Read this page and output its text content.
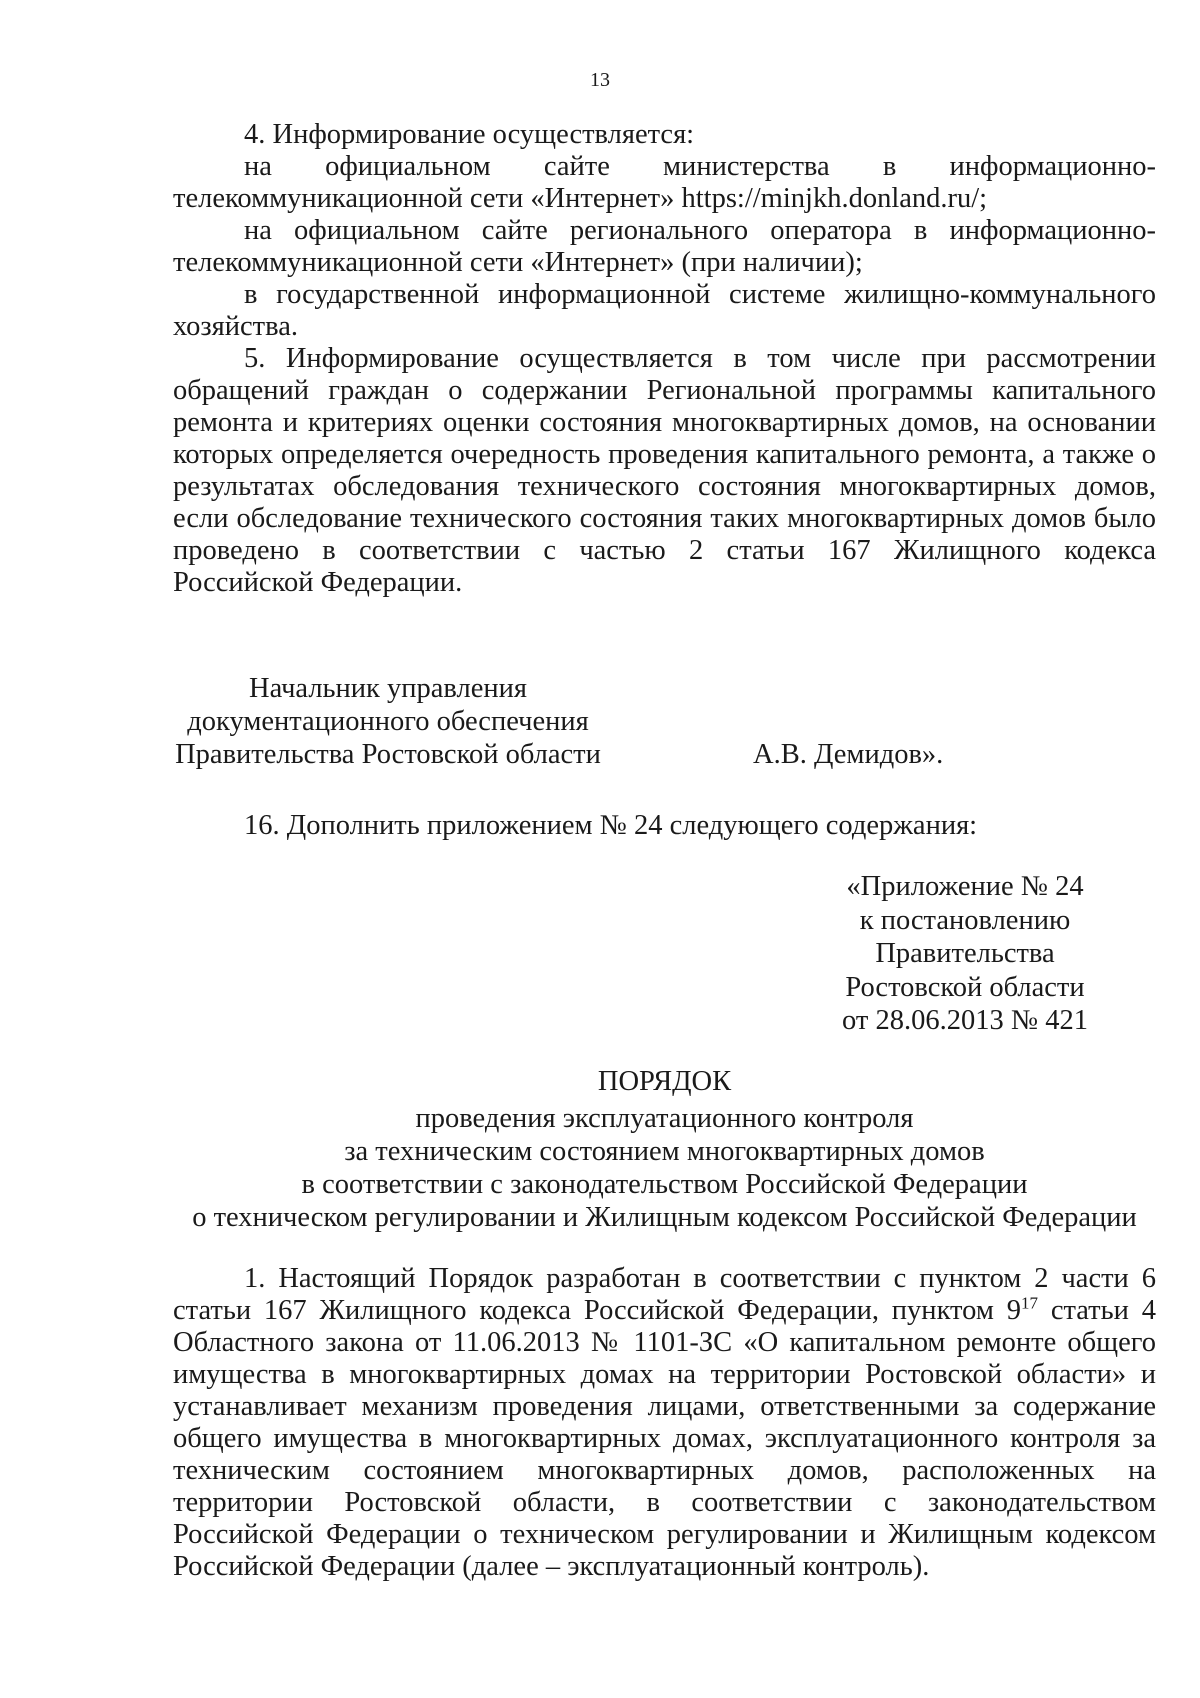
13

4. Информирование осуществляется:

на официальном сайте министерства в информационно-телекоммуникационной сети «Интернет» https://minjkh.donland.ru/;

на официальном сайте регионального оператора в информационно-телекоммуникационной сети «Интернет» (при наличии);

в государственной информационной системе жилищно-коммунального хозяйства.

5. Информирование осуществляется в том числе при рассмотрении обращений граждан о содержании Региональной программы капитального ремонта и критериях оценки состояния многоквартирных домов, на основании которых определяется очередность проведения капитального ремонта, а также о результатах обследования технического состояния многоквартирных домов, если обследование технического состояния таких многоквартирных домов было проведено в соответствии с частью 2 статьи 167 Жилищного кодекса Российской Федерации.

Начальник управления
документационного обеспечения
Правительства Ростовской области	А.В. Демидов».
16. Дополнить приложением № 24 следующего содержания:
«Приложение № 24
к постановлению
Правительства
Ростовской области
от 28.06.2013 № 421
ПОРЯДОК
проведения эксплуатационного контроля
за техническим состоянием многоквартирных домов
в соответствии с законодательством Российской Федерации
о техническом регулировании и Жилищным кодексом Российской Федерации

1. Настоящий Порядок разработан в соответствии с пунктом 2 части 6 статьи 167 Жилищного кодекса Российской Федерации, пунктом $9^{17}$ статьи 4 Областного закона от 11.06.2013 № 1101-ЗС «О капитальном ремонте общего имущества в многоквартирных домах на территории Ростовской области» и устанавливает механизм проведения лицами, ответственными за содержание общего имущества в многоквартирных домах, эксплуатационного контроля за техническим состоянием многоквартирных домов, расположенных на территории Ростовской области, в соответствии с законодательством Российской Федерации о техническом регулировании и Жилищным кодексом Российской Федерации (далее – эксплуатационный контроль).
